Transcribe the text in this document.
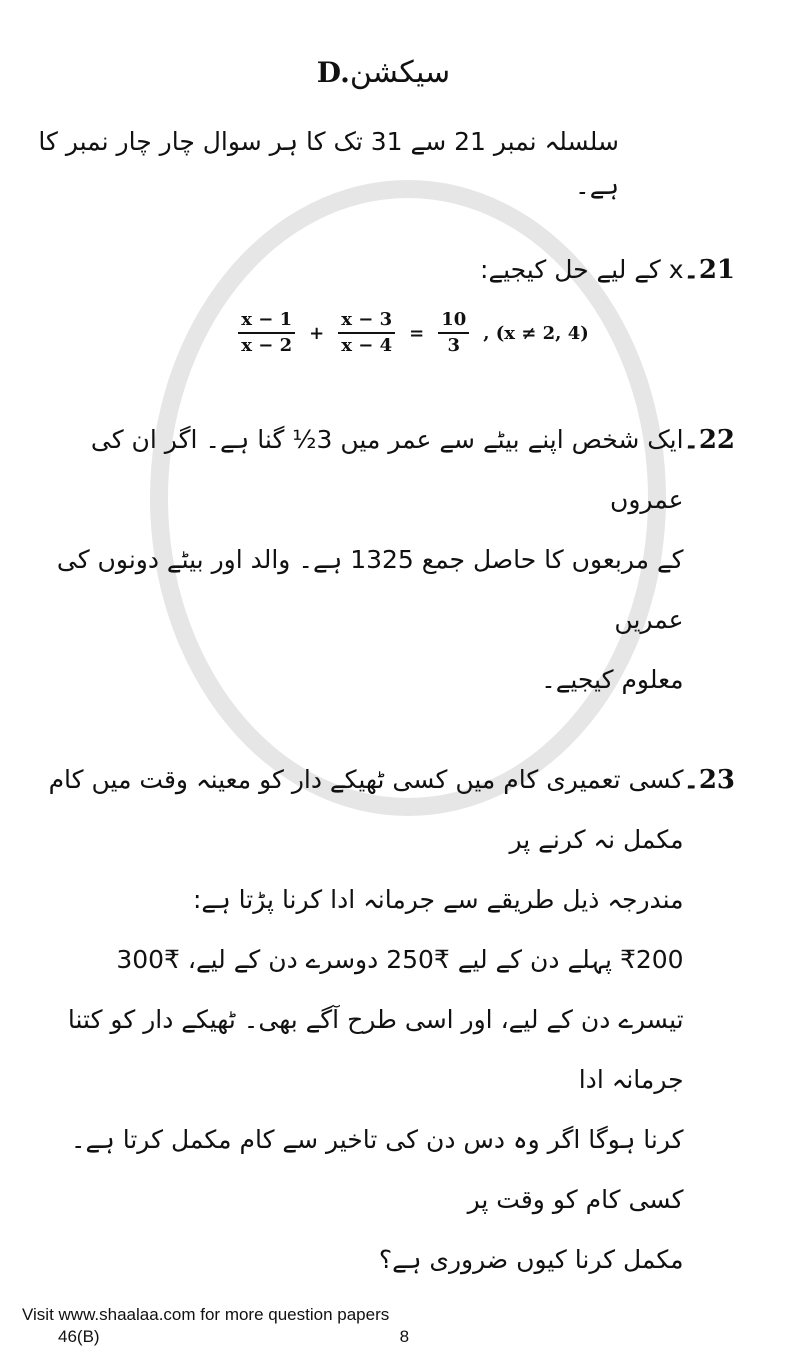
سیکشنD.
سلسلہ نمبر 21 سے 31 تک کا ہر سوال چار چار نمبر کا ہے۔
21۔
x کے لیے حل کیجیے:
$\frac{x - 1}{x - 2} + \frac{x - 3}{x - 4} = \frac{10}{3}$ , (x ≠ 2, 4)
22۔
ایک شخص اپنے بیٹے سے عمر میں 3½ گنا ہے۔ اگر ان کی عمروں
کے مربعوں کا حاصل جمع 1325 ہے۔ والد اور بیٹے دونوں کی عمریں
معلوم کیجیے۔
23۔
کسی تعمیری کام میں کسی ٹھیکے دار کو معینہ وقت میں کام مکمل نہ کرنے پر
مندرجہ ذیل طریقے سے جرمانہ ادا کرنا پڑتا ہے:
₹200 پہلے دن کے لیے ₹250 دوسرے دن کے لیے، ₹300
تیسرے دن کے لیے، اور اسی طرح آگے بھی۔ ٹھیکے دار کو کتنا جرمانہ ادا
کرنا ہوگا اگر وہ دس دن کی تاخیر سے کام مکمل کرتا ہے۔ کسی کام کو وقت پر
مکمل کرنا کیوں ضروری ہے؟
Visit www.shaalaa.com for more question papers
46(B)	8
